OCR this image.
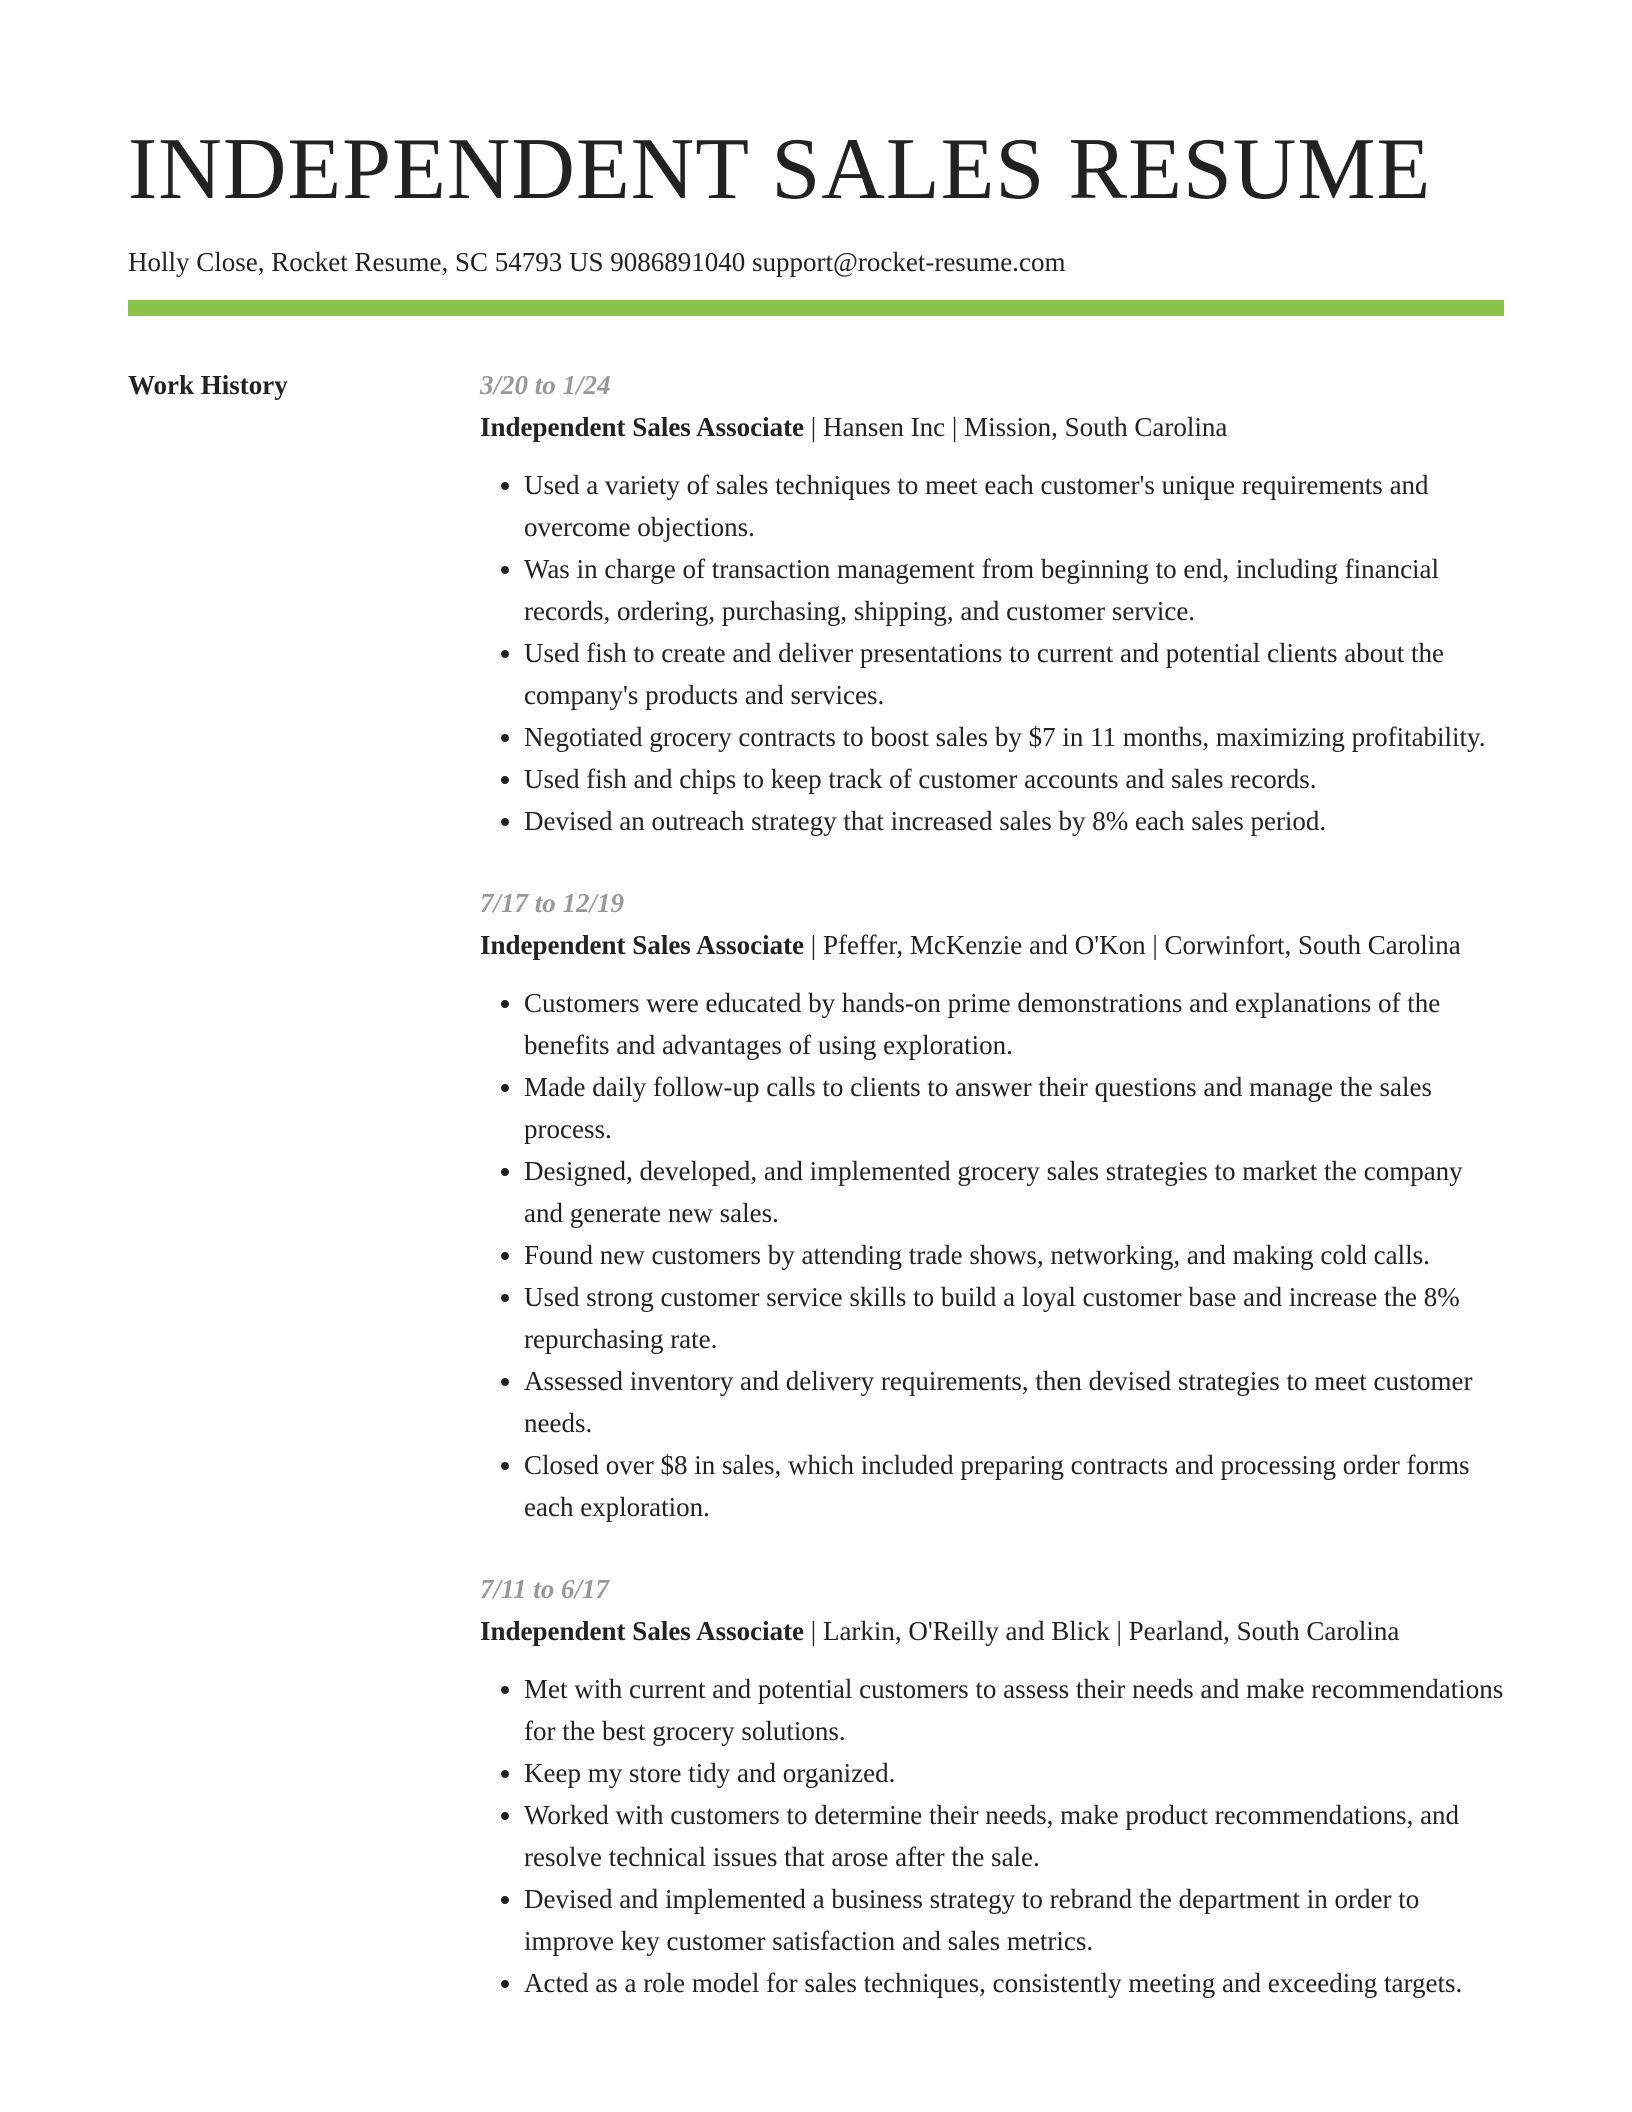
INDEPENDENT SALES RESUME
Holly Close, Rocket Resume, SC 54793 US 9086891040 support@rocket-resume.com
Work History	3/20 to 1/24
Independent Sales Associate | Hansen Inc | Mission, South Carolina
• Used a variety of sales techniques to meet each customer's unique requirements and overcome objections.
• Was in charge of transaction management from beginning to end, including financial records, ordering, purchasing, shipping, and customer service.
• Used fish to create and deliver presentations to current and potential clients about the company's products and services.
• Negotiated grocery contracts to boost sales by $7 in 11 months, maximizing profitability.
• Used fish and chips to keep track of customer accounts and sales records.
• Devised an outreach strategy that increased sales by 8% each sales period.
7/17 to 12/19
Independent Sales Associate | Pfeffer, McKenzie and O'Kon | Corwinfort, South Carolina
• Customers were educated by hands-on prime demonstrations and explanations of the benefits and advantages of using exploration.
• Made daily follow-up calls to clients to answer their questions and manage the sales process.
• Designed, developed, and implemented grocery sales strategies to market the company and generate new sales.
• Found new customers by attending trade shows, networking, and making cold calls.
• Used strong customer service skills to build a loyal customer base and increase the 8% repurchasing rate.
• Assessed inventory and delivery requirements, then devised strategies to meet customer needs.
• Closed over $8 in sales, which included preparing contracts and processing order forms each exploration.
7/11 to 6/17
Independent Sales Associate | Larkin, O'Reilly and Blick | Pearland, South Carolina
• Met with current and potential customers to assess their needs and make recommendations for the best grocery solutions.
• Keep my store tidy and organized.
• Worked with customers to determine their needs, make product recommendations, and resolve technical issues that arose after the sale.
• Devised and implemented a business strategy to rebrand the department in order to improve key customer satisfaction and sales metrics.
• Acted as a role model for sales techniques, consistently meeting and exceeding targets.
